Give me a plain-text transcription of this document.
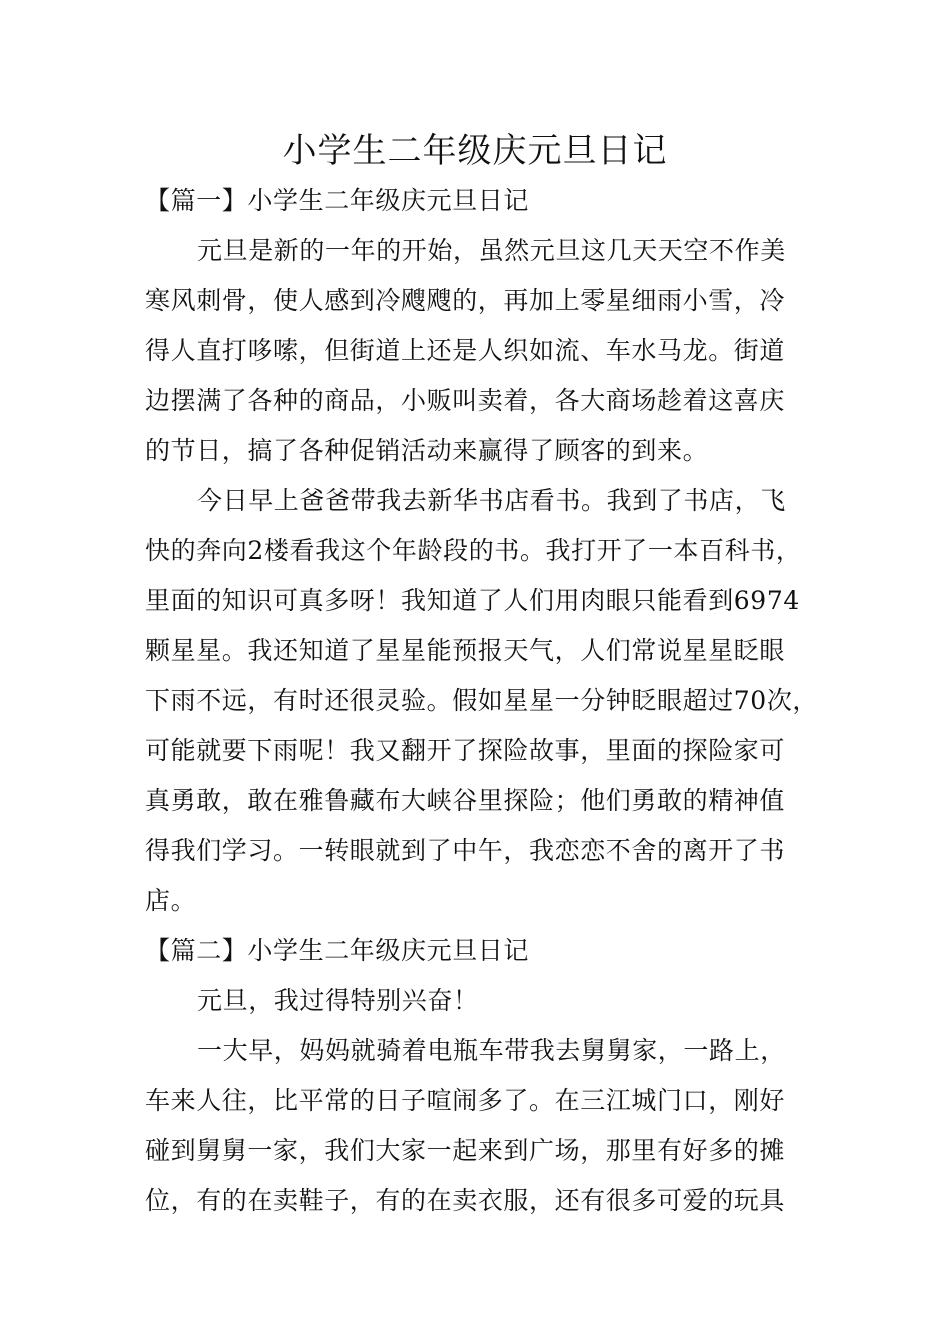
小学生二年级庆元旦日记
【篇一】小学生二年级庆元旦日记
元旦是新的一年的开始，虽然元旦这几天天空不作美
寒风刺骨，使人感到冷飕飕的，再加上零星细雨小雪，冷
得人直打哆嗦，但街道上还是人织如流、车水马龙。街道
边摆满了各种的商品，小贩叫卖着，各大商场趁着这喜庆
的节日，搞了各种促销活动来赢得了顾客的到来。
今日早上爸爸带我去新华书店看书。我到了书店，飞
快的奔向2楼看我这个年龄段的书。我打开了一本百科书，
里面的知识可真多呀！我知道了人们用肉眼只能看到6974
颗星星。我还知道了星星能预报天气，人们常说星星眨眼
下雨不远，有时还很灵验。假如星星一分钟眨眼超过70次，
可能就要下雨呢！我又翻开了探险故事，里面的探险家可
真勇敢，敢在雅鲁藏布大峡谷里探险；他们勇敢的精神值
得我们学习。一转眼就到了中午，我恋恋不舍的离开了书
店。
【篇二】小学生二年级庆元旦日记
元旦，我过得特别兴奋！
一大早，妈妈就骑着电瓶车带我去舅舅家，一路上，
车来人往，比平常的日子喧闹多了。在三江城门口，刚好
碰到舅舅一家，我们大家一起来到广场，那里有好多的摊
位，有的在卖鞋子，有的在卖衣服，还有很多可爱的玩具
